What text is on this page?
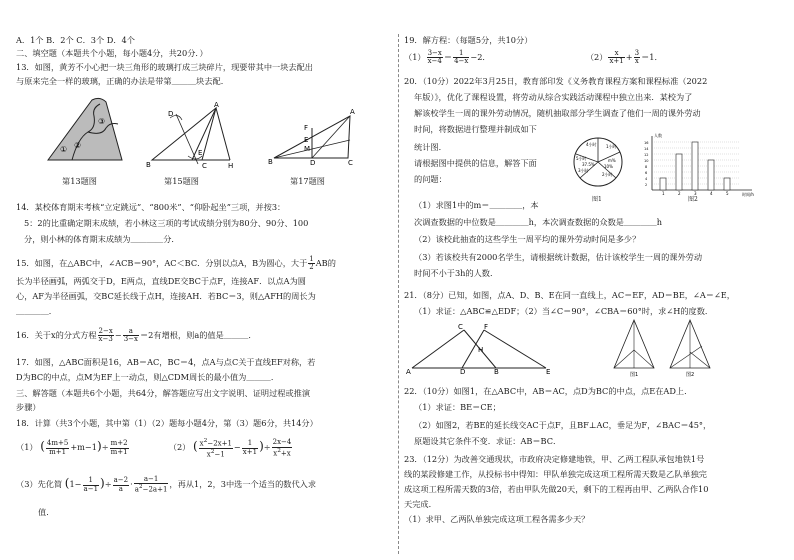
A．1个 B．2个 C．3个 D．4个
二、填空题（本题共个小题，每小题4分，共20分．）
13．如图，黄芳不小心把一块三角形的玻璃打成三块碎片，现要带其中一块去配出
与原来完全一样的玻璃，正确的办法是带第＿＿＿块去配．
① ②
③
A
B	C
D
E
H
A
B	C
D
E
F
M
第13题图	第15题图	第17题图
14．某校体育期末考核“立定跳远”、“800米”、“仰卧起坐”三项，并按3：
5：2的比重确定期末成绩，若小林这三项的考试成绩分别为80分、90分、100
分，则小林的体育期末成绩为＿＿＿＿分．
15．如图，在△ABC中，∠ACB＝90°，AC＜BC．分别以点A，B为圆心，大于 $\frac{1}{2}$ AB的
长为半径画弧，两弧交于D，E两点，直线DE交BC于点F，连接AF．以点A为圆
心，AF为半径画弧，交BC延长线于点H，连接AH．若BC＝3，则△AFH的周长为
＿＿＿＿．
16．关于x的分式方程 $\frac{2-x}{x-3} - \frac{a}{3-x} =2$有增根，则a的值是＿＿＿．
17．如图，△ABC面积是16，AB＝AC，BC＝4，点A与点C关于直线EF对称，若
D为BC的中点，点M为EF上一动点，则△CDM周长的最小值为＿＿＿．
三、解答题（本题共6个小题，共64分，解答题应写出文字说明、证明过程或推演
步骤）
18．计算（共3个小题，其中第（1）（2）题每小题4分，第（3）题6分，共14分）
（1） ( $\frac{4m+5}{m+1} +m-1)\div \frac{m+2}{m+1}$	（2） ( $\frac{x^2-2x+1}{x^2-1} - \frac{1}{x+1}$ )÷ $\frac{2x-4}{x^2+x}$
（3）先化简 ($1- \frac{1}{a-1}$ )÷ $\frac{a-2}{a} \cdot \frac{a-1}{a^2-2a+1}$ ，再从1，2，3中选一个适当的数代入求
值．
19．解方程：（每题5分，共10分）
$(1) \frac{3-x}{x-4} = \frac{1}{4-x} -2$．	$(2) \frac{x}{x+1} + \frac{3}{x} =1$．
20．（10分）2022年3月25日，教育部印发《义务教育课程方案和课程标准（2022
年版）》，优化了课程设置，将劳动从综合实践活动课程中独立出来．某校为了
解该校学生一周的课外劳动情况，随机抽取部分学生调查了他们一周的课外劳动
时间，将数据进行整理并制成如下
统计图．
请根据图中提供的信息，解答下面
的问题：
4小时 1小时
m%
2小时
3小时
5小时
37.5% 10%
图1
人数
时间/h
16
14
12
10
8
6
4
2
1	2	3	4	5
图2
（1）求图1中的m＝＿＿＿＿，本
次调查数据的中位数是＿＿＿＿h，本次调查数据的众数是＿＿＿＿h
（2）该校此抽查的这些学生一周平均的课外劳动时间是多少？
（3）若该校共有2000名学生，请根据统计数据，估计该校学生一周的课外劳动
时间不小于3h的人数．
21．（8分）已知，如图，点A、D、B、E在同一直线上，AC＝EF，AD＝BE，∠A＝∠E，
（1）求证：△ABC≌△EDF；（2）当∠C＝90°，∠CBA＝60°时，求∠H的度数．
A	D	B	E
C	F
H
图1	图2
22．（10分）如图1，在△ABC中，AB＝AC，点D为BC的中点，点E在AD上．
（1）求证：BE＝CE；
（2）如图2，若BE的延长线交AC于点F，且BF⊥AC，垂足为F，∠BAC＝45°，
原题设其它条件不变．求证：AB＝BC．
23．（12分）为改善交通现状，市政府决定修建地铁，甲、乙两工程队承包地铁1号
线的某段修建工作，从投标书中得知：甲队单独完成这项工程所需天数是乙队单独完
成这项工程所需天数的3倍，若由甲队先做20天，剩下的工程再由甲、乙两队合作10
天完成．
（1）求甲、乙两队单独完成这项工程各需多少天？
